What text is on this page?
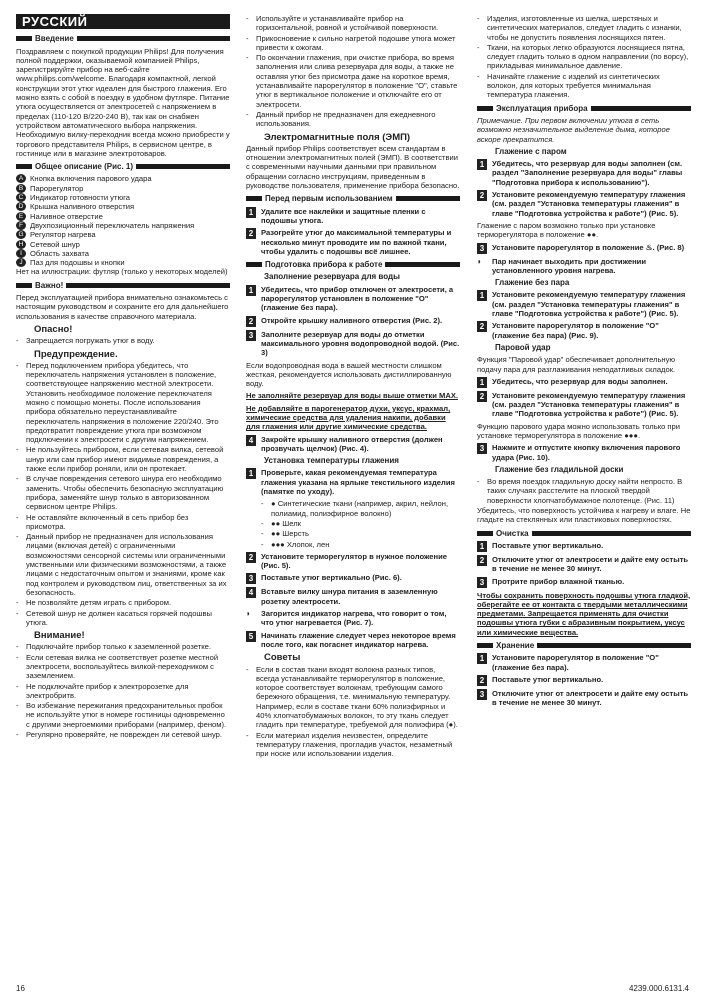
РУССКИЙ
Введение

Поздравляем с покупкой продукции Philips! Для получения полной поддержки, оказываемой компанией Philips, зарегистрируйте прибор на веб-сайте www.philips.com/welcome. Благодаря компактной, легкой конструкции этот утюг идеален для быстрого глажения. Его можно взять с собой в поездку в удобном футляре. Питание утюга осуществляется от электросетей с напряжением в пределах (110-120 В/220-240 В), так как он снабжен устройством автоматического выбора напряжения. Необходимую вилку-переходник всегда можно приобрести у торгового представителя Philips, в сервисном центре, в гостинице или в магазине электротоваров.

Общее описание (Рис. 1)
A Кнопка включения парового удара
B Парорегулятор
C Индикатор готовности утюга
D Крышка наливного отверстия
E Наливное отверстие
F Двухпозиционный переключатель напряжения
G Регулятор нагрева
H Сетевой шнур
I	Область захвата
J Паз для подошвы и кнопки

Нет на иллюстрации: футляр (только у некоторых моделей)

Важно!

Перед эксплуатацией прибора внимательно ознакомьтесь с настоящим руководством и сохраните его для дальнейшего использования в качестве справочного материала.

Опасно!
- Запрещается погружать утюг в воду.
Предупреждение.
- Перед подключением прибора убедитесь, что переключатель напряжения установлен в положение, соответствующее напряжению местной электросети. Установить необходимое положение переключателя можно с помощью монеты. После использования прибора обязательно переустанавливайте переключатель напряжения в положение 220/240. Это предотвратит повреждение утюга при возможном подключении к электросети с другим напряжением.
- Не пользуйтесь прибором, если сетевая вилка, сетевой шнур или сам прибор имеют видимые повреждения, а также если прибор роняли, или он протекает.
- В случае повреждения сетевого шнура его необходимо заменить. Чтобы обеспечить безопасную эксплуатацию прибора, заменяйте шнур только в авторизованном сервисном центре Philips.
- Не оставляйте включенный в сеть прибор без присмотра.
- Данный прибор не предназначен для использования лицами (включая детей) с ограниченными возможностями сенсорной системы или ограниченными умственными или физическими возможностями, а также лицами с недостаточным опытом и знаниями, кроме как под контролем и руководством лиц, ответственных за их безопасность.
- Не позволяйте детям играть с прибором.
- Сетевой шнур не должен касаться горячей подошвы утюга.
Внимание!
- Подключайте прибор только к заземленной розетке.
- Если сетевая вилка не соответствует розетке местной электросети, воспользуйтесь вилкой-переходником с заземлением.
- Не подключайте прибор к электророзетке для электробритв.
- Во избежание пережигания предохранительных пробок не используйте утюг в номере гостиницы одновременно с другими энергоемкими приборами (например, феном).
- Регулярно проверяйте, не поврежден ли сетевой шнур.
- Используйте и устанавливайте прибор на горизонтальной, ровной и устойчивой поверхности.
- Прикосновение к сильно нагретой подошве утюга может привести к ожогам.
- По окончании глажения, при очистке прибора, во время заполнения или слива резервуара для воды, а также не оставляя утюг без присмотра даже на короткое время, устанавливайте парорегулятор в положение "O", ставьте утюг в вертикальное положение и отключайте его от электросети.
- Данный прибор не предназначен для ежедневного использования.
Электромагнитные поля (ЭМП)

Данный прибор Philips соответствует всем стандартам в отношении электромагнитных полей (ЭМП). В соответствии с современными научными данными при правильном обращении согласно инструкциям, приведенным в руководстве пользователя, применение прибора безопасно.

Перед первым использованием
1	Удалите все наклейки и защитные пленки с подошвы утюга.
2	Разогрейте утюг до максимальной температуры и несколько минут проводите им по важной ткани, чтобы удалить с подошвы всё лишнее.
Подготовка прибора к работе
Заполнение резервуара для воды
1	Убедитесь, что прибор отключен от электросети, а парорегулятор установлен в положение "O" (глажение без пара).
2	Откройте крышку наливного отверстия (Рис. 2).
3	Заполните резервуар для воды до отметки максимального уровня водопроводной водой. (Рис. 3)

Если водопроводная вода в вашей местности слишком жесткая, рекомендуется использовать дистиллированную воду.

Не заполняйте резервуар для воды выше отметки MAX.

Не добавляйте в парогенератор духи, уксус, крахмал, химические средства для удаления накипи, добавки для глажения или другие химические средства.

4	Закройте крышку наливного отверстия (должен прозвучать щелчок) (Рис. 4).
Установка температуры глажения
1	Проверьте, какая рекомендуемая температура глажения указана на ярлыке текстильного изделия (памятке по уходу).
- ● Синтетические ткани (например, акрил, нейлон, полиамид, полиэфирное волокно)
- ●● Шелк
- ●● Шерсть
- ●●● Хлопок, лен
2	Установите терморегулятор в нужное положение (Рис. 5).
3	Поставьте утюг вертикально (Рис. 6).
4	Вставьте вилку шнура питания в заземленную розетку электросети.
◗	Загорится индикатор нагрева, что говорит о том, что утюг нагревается (Рис. 7).
5	Начинать глажение следует через некоторое время после того, как погаснет индикатор нагрева.
Советы
- Если в состав ткани входят волокна разных типов, всегда устанавливайте терморегулятор в положение, которое соответствует волокнам, требующим самого бережного обращения, т.е. минимальную температуру. Например, если в составе ткани 60% полиэфирных и 40% хлопчатобумажных волокон, то эту ткань следует гладить при температуре, требуемой для полиэфира (●).
- Если материал изделия неизвестен, определите температуру глажения, прогладив участок, незаметный при носке или использовании изделия.
- Изделия, изготовленные из шелка, шерстяных и синтетических материалов, следует гладить с изнанки, чтобы не допустить появления лоснящихся пятен.
- Ткани, на которых легко образуются лоснящиеся пятна, следует гладить только в одном направлении (по ворсу), прикладывая минимальное давление.
- Начинайте глажение с изделий из синтетических волокон, для которых требуется минимальная температура глажения.
Эксплуатация прибора

Примечание. При первом включении утюга в сеть возможно незначительное выделение дыма, которое вскоре прекратится.

Глажение с паром
1	Убедитесь, что резервуар для воды заполнен (см. раздел "Заполнение резервуара для воды" главы "Подготовка прибора к использованию").
2	Установите рекомендуемую температуру глажения (см. раздел "Установка температуры глажения" в главе "Подготовка устройства к работе") (Рис. 5).

Глажение с паром возможно только при установке терморегулятора в положение ●●.

3	Установите парорегулятор в положение ♨. (Рис. 8)
◗	Пар начинает выходить при достижении установленного уровня нагрева.
Глажение без пара
1	Установите рекомендуемую температуру глажения (см. раздел "Установка температуры глажения" в главе "Подготовка устройства к работе") (Рис. 5).
2	Установите парорегулятор в положение "O" (глажение без пара) (Рис. 9).
Паровой удар

Функция "Паровой удар" обеспечивает дополнительную подачу пара для разглаживания неподатливых складок.

1	Убедитесь, что резервуар для воды заполнен.
2	Установите рекомендуемую температуру глажения (см. раздел "Установка температуры глажения" в главе "Подготовка устройства к работе") (Рис. 5).

Функцию парового удара можно использовать только при установке терморегулятора в положение ●●●.

3	Нажмите и отпустите кнопку включения парового удара (Рис. 10).
Глажение без гладильной доски
- Во время поездок гладильную доску найти непросто. В таких случаях расстелите на плоской твердой поверхности хлопчатобумажное полотенце. (Рис. 11)

Убедитесь, что поверхность устойчива к нагреву и влаге. Не гладьте на стеклянных или пластиковых поверхностях.

Очистка
1	Поставьте утюг вертикально.
2	Отключите утюг от электросети и дайте ему остыть в течение не менее 30 минут.
3	Протрите прибор влажной тканью.

Чтобы сохранить поверхность подошвы утюга гладкой, оберегайте ее от контакта с твердыми металлическими предметами. Запрещается применять для очистки подошвы утюга губки с абразивным покрытием, уксус или химические вещества.

Хранение
1	Установите парорегулятор в положение "O" (глажение без пара).
2	Поставьте утюг вертикально.
3	Отключите утюг от электросети и дайте ему остыть в течение не менее 30 минут.
16	4239.000.6131.4
